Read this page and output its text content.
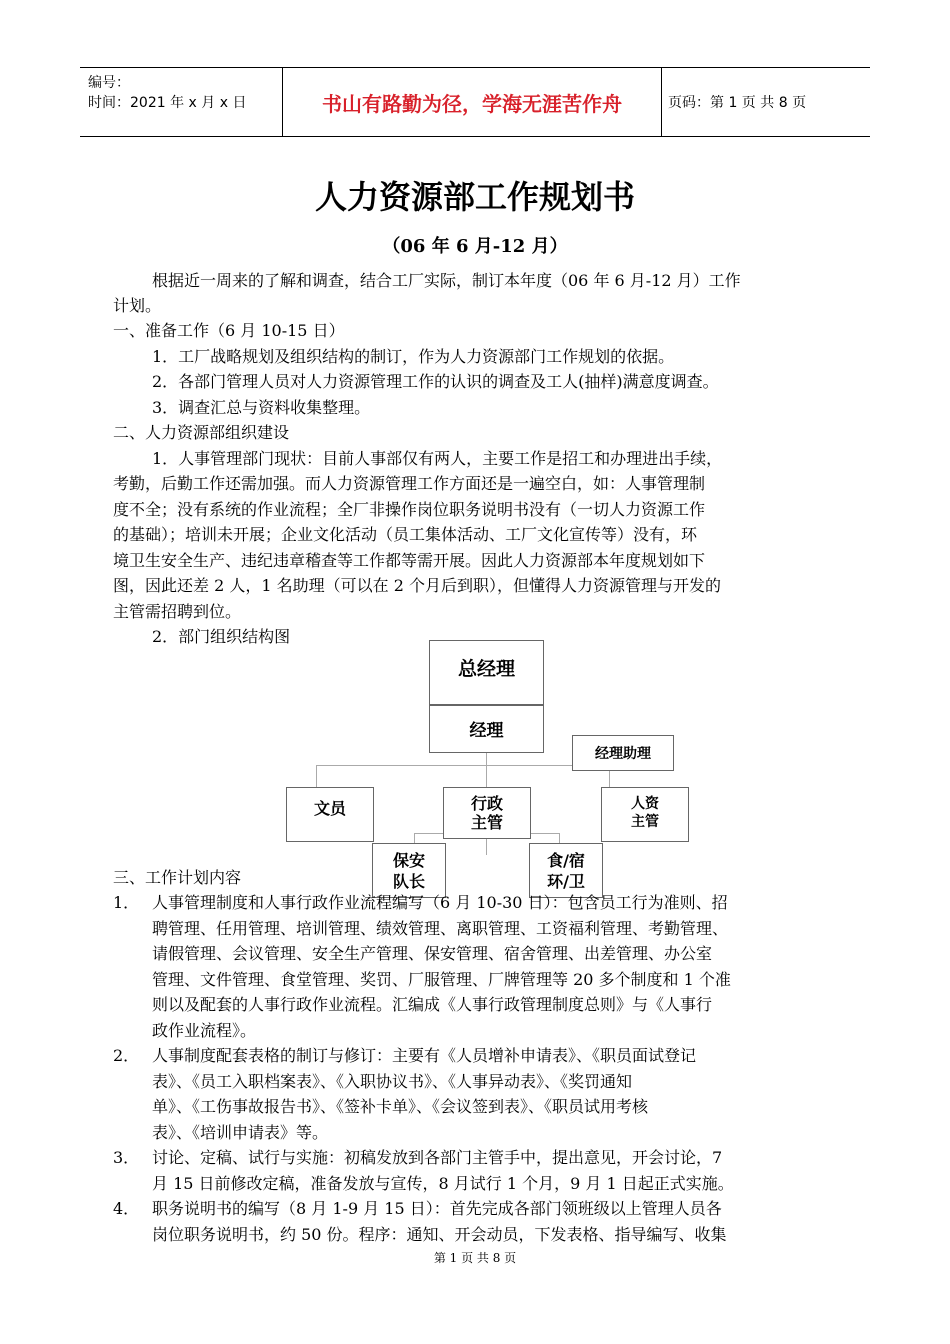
编号：
时间：2021 年 x 月 x 日	书山有路勤为径，学海无涯苦作舟	页码：第 1 页 共 8 页
人力资源部工作规划书
（06 年 6 月-12 月）
根据近一周来的了解和调查，结合工厂实际，制订本年度（06 年 6 月-12 月）工作
计划。
一、准备工作（6 月 10-15 日）
1．工厂战略规划及组织结构的制订，作为人力资源部门工作规划的依据。
2．各部门管理人员对人力资源管理工作的认识的调查及工人(抽样)满意度调查。
3．调查汇总与资料收集整理。
二、人力资源部组织建设
1．人事管理部门现状：目前人事部仅有两人，主要工作是招工和办理进出手续，
考勤，后勤工作还需加强。而人力资源管理工作方面还是一遍空白，如：人事管理制
度不全；没有系统的作业流程；全厂非操作岗位职务说明书没有（一切人力资源工作
的基础）；培训未开展；企业文化活动（员工集体活动、工厂文化宣传等）没有，环
境卫生安全生产、违纪违章稽查等工作都等需开展。因此人力资源部本年度规划如下
图，因此还差 2 人，1 名助理（可以在 2 个月后到职），但懂得人力资源管理与开发的
主管需招聘到位。
2．部门组织结构图
总经理
经理
经理助理
文员	行政
主管
人资
主管
保安
队长
食/宿
环/卫
三、工作计划内容
1． 人事管理制度和人事行政作业流程编写（6 月 10-30 日）：包含员工行为准则、招
聘管理、任用管理、培训管理、绩效管理、离职管理、工资福利管理、考勤管理、
请假管理、会议管理、安全生产管理、保安管理、宿舍管理、出差管理、办公室
管理、文件管理、食堂管理、奖罚、厂服管理、厂牌管理等 20 多个制度和 1 个准
则以及配套的人事行政作业流程。汇编成《人事行政管理制度总则》与《人事行
政作业流程》。
2． 人事制度配套表格的制订与修订：主要有《人员增补申请表》、《职员面试登记
表》、《员工入职档案表》、《入职协议书》、《人事异动表》、《奖罚通知
单》、《工伤事故报告书》、《签补卡单》、《会议签到表》、《职员试用考核
表》、《培训申请表》等。
3． 讨论、定稿、试行与实施：初稿发放到各部门主管手中，提出意见，开会讨论，7
月 15 日前修改定稿，准备发放与宣传，8 月试行 1 个月，9 月 1 日起正式实施。
4． 职务说明书的编写（8 月 1-9 月 15 日）：首先完成各部门领班级以上管理人员各
岗位职务说明书，约 50 份。程序：通知、开会动员，下发表格、指导编写、收集
第 1 页 共 8 页
